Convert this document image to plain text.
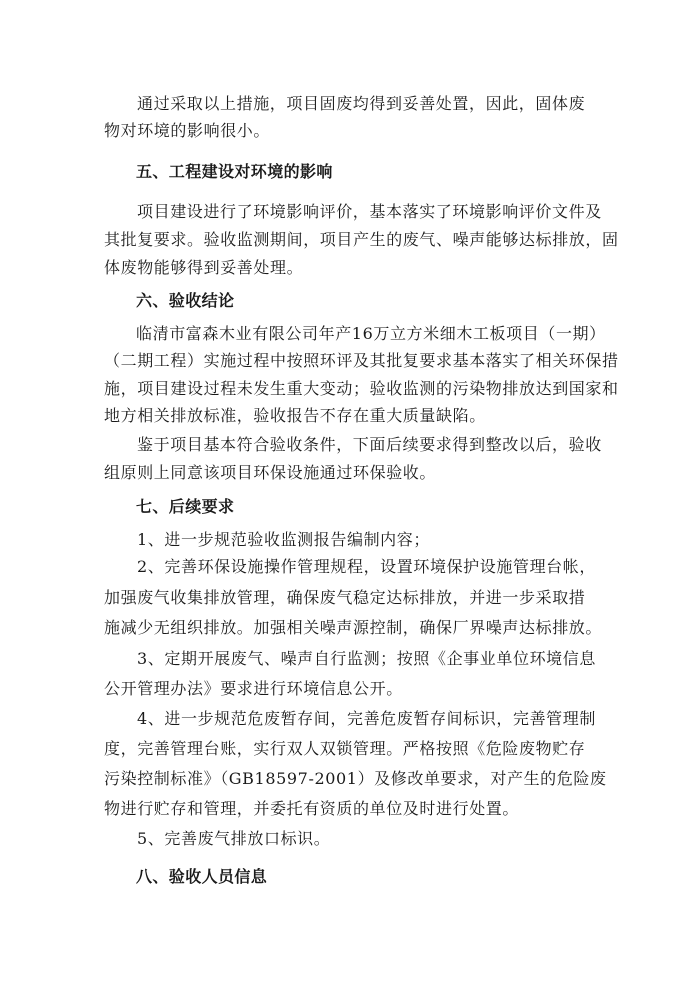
通过采取以上措施，项目固废均得到妥善处置，因此，固体废
物对环境的影响很小。
五、工程建设对环境的影响
项目建设进行了环境影响评价，基本落实了环境影响评价文件及
其批复要求。验收监测期间，项目产生的废气、噪声能够达标排放，固
体废物能够得到妥善处理。
六、验收结论
临清市富森木业有限公司年产16万立方米细木工板项目（一期）
（二期工程）实施过程中按照环评及其批复要求基本落实了相关环保措
施，项目建设过程未发生重大变动；验收监测的污染物排放达到国家和
地方相关排放标准，验收报告不存在重大质量缺陷。
鉴于项目基本符合验收条件，下面后续要求得到整改以后，验收
组原则上同意该项目环保设施通过环保验收。
七、后续要求
1、进一步规范验收监测报告编制内容；
2、完善环保设施操作管理规程，设置环境保护设施管理台帐，
加强废气收集排放管理，确保废气稳定达标排放，并进一步采取措
施减少无组织排放。加强相关噪声源控制，确保厂界噪声达标排放。
3、定期开展废气、噪声自行监测；按照《企事业单位环境信息
公开管理办法》要求进行环境信息公开。
4、进一步规范危废暂存间，完善危废暂存间标识，完善管理制
度，完善管理台账，实行双人双锁管理。严格按照《危险废物贮存
污染控制标准》（GB18597-2001）及修改单要求，对产生的危险废
物进行贮存和管理，并委托有资质的单位及时进行处置。
5、完善废气排放口标识。
八、验收人员信息
